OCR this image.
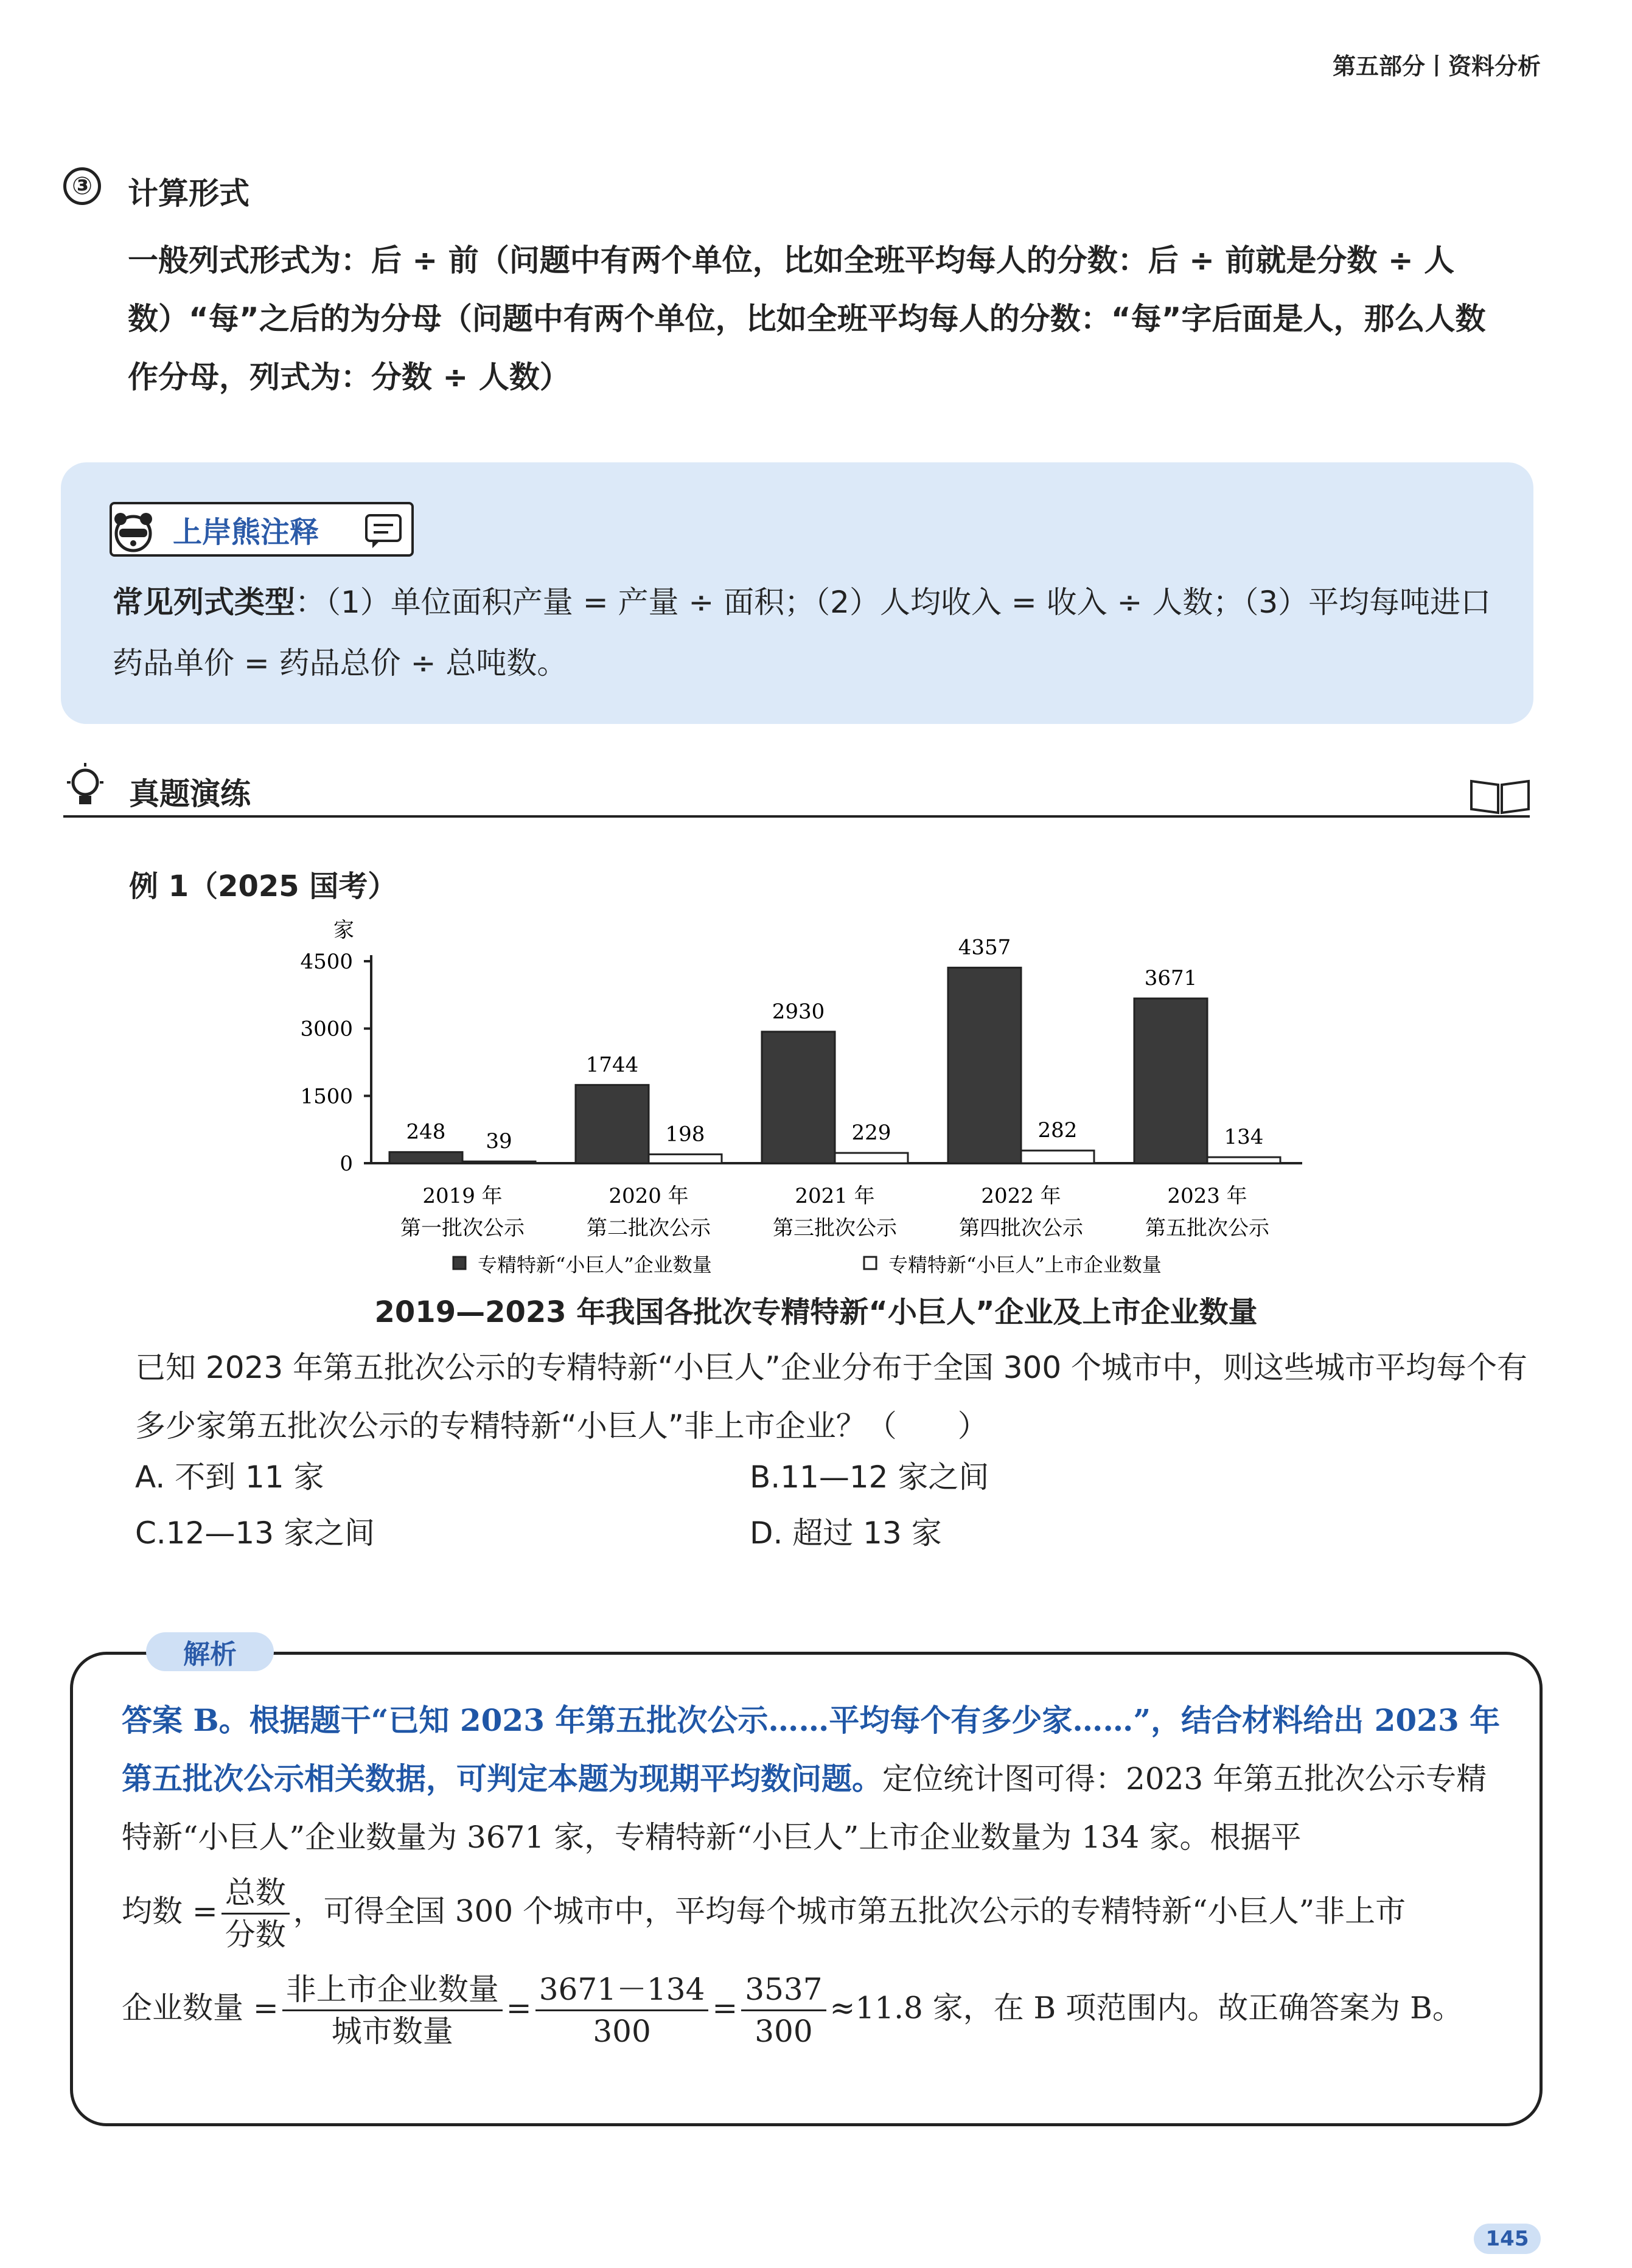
第五部分丨资料分析
③ 计算形式
一般列式形式为：后 ÷ 前（问题中有两个单位，比如全班平均每人的分数：后 ÷ 前就是分数 ÷ 人数）“每”之后的为分母（问题中有两个单位，比如全班平均每人的分数：“每”字后面是人，那么人数作分母，列式为：分数 ÷ 人数）
上岸熊注释
常见列式类型：（1）单位面积产量 = 产量 ÷ 面积；（2）人均收入 = 收入 ÷ 人数；（3）平均每吨进口药品单价 = 药品总价 ÷ 总吨数。
真题演练
例 1（2025 国考）
家
0
1500
3000
4500
248 39
2019 年
第一批次公示
1744
198
2020 年
第二批次公示
2930
229
2021 年
第三批次公示
4357
282
2022 年
第四批次公示
3671
134
2023 年
第五批次公示
专精特新“小巨人”企业数量	专精特新“小巨人”上市企业数量
2019—2023 年我国各批次专精特新“小巨人”企业及上市企业数量
已知 2023 年第五批次公示的专精特新“小巨人”企业分布于全国 300 个城市中，则这些城市平均每个有多少家第五批次公示的专精特新“小巨人”非上市企业？（　　）
A. 不到 11 家	B.11—12 家之间
C.12—13 家之间	D. 超过 13 家
解析
答案 B。根据题干“已知 2023 年第五批次公示……平均每个有多少家……”，结合材料给出 2023 年第五批次公示相关数据，可判定本题为现期平均数问题。定位统计图可得：2023 年第五批次公示专精特新“小巨人”企业数量为 3671 家，专精特新“小巨人”上市企业数量为 134 家。根据平
均数 = $\frac{\text{总数}}{\text{分数}}$ ，可得全国 300 个城市中，平均每个城市第五批次公示的专精特新“小巨人”非上市
企业数量 = $\frac{\text{非上市企业数量}}{\text{城市数量}} = \frac{3671-134}{300} = \frac{3537}{300} \approx 11.8$ 家，在 B 项范围内。故正确答案为 B。
145
